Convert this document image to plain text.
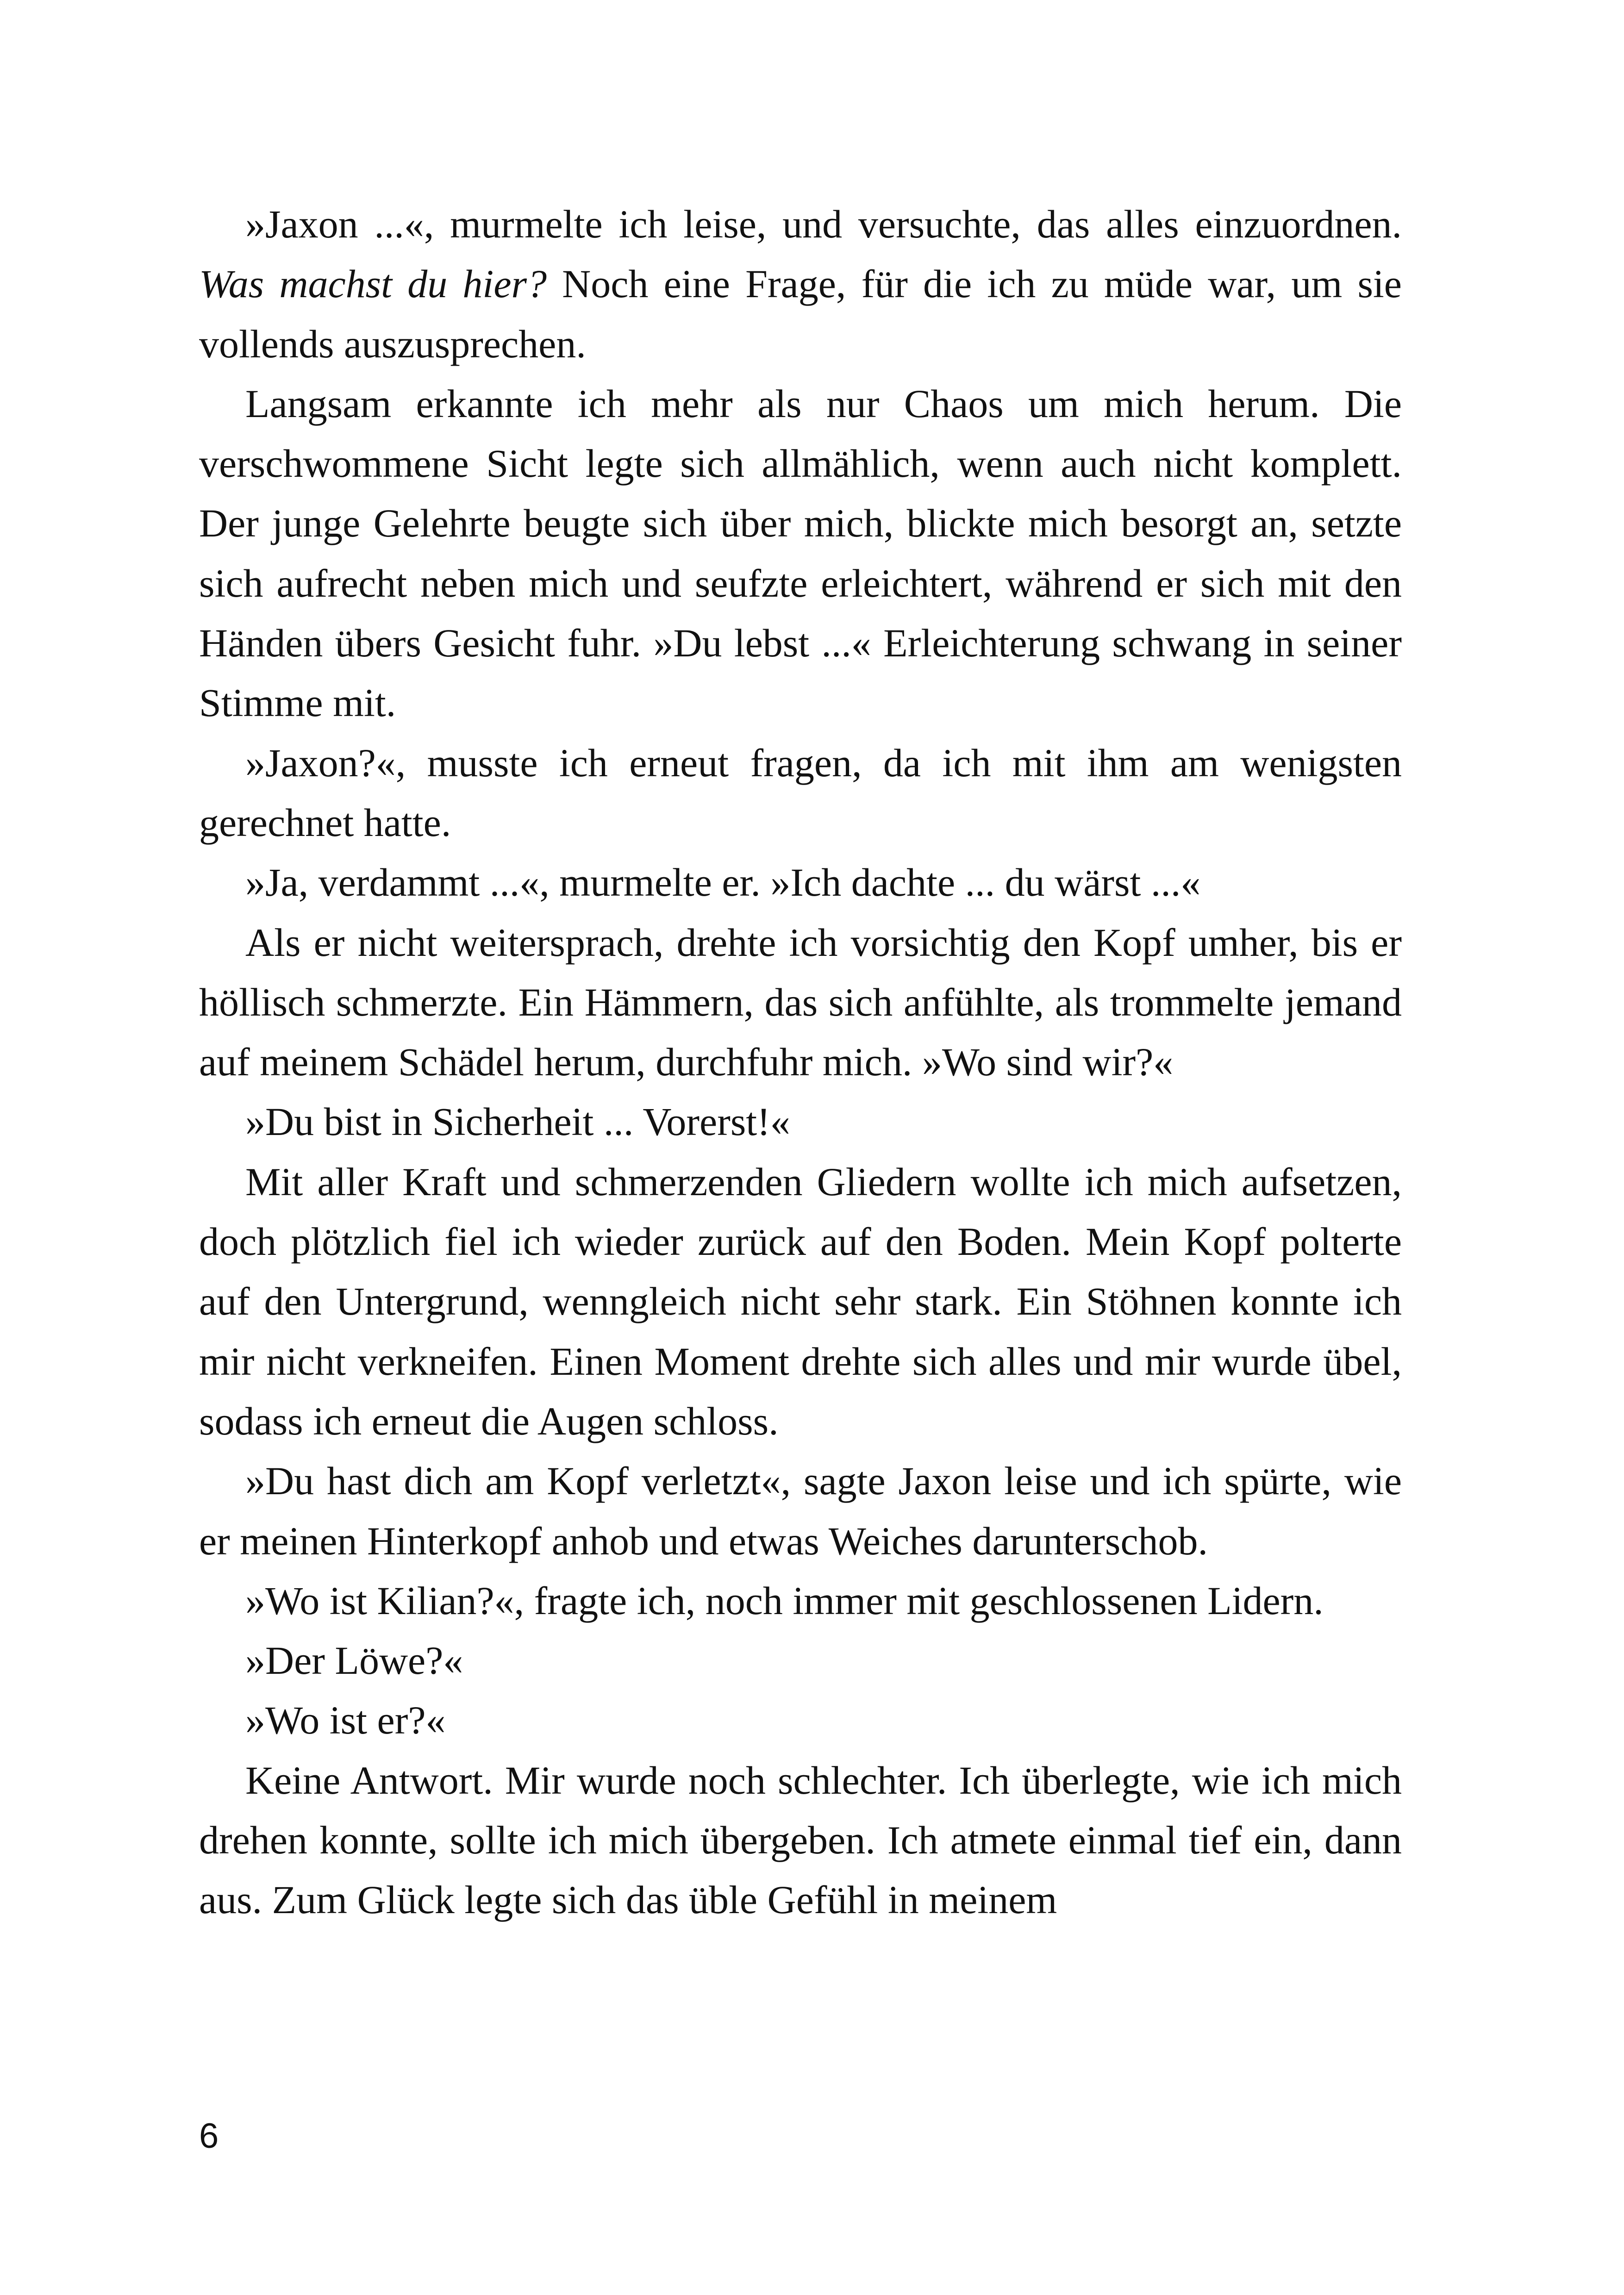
»Jaxon ...«, murmelte ich leise, und versuchte, das alles einzuordnen. Was machst du hier? Noch eine Frage, für die ich zu müde war, um sie vollends auszusprechen.

Langsam erkannte ich mehr als nur Chaos um mich herum. Die verschwommene Sicht legte sich allmählich, wenn auch nicht komplett. Der junge Gelehrte beugte sich über mich, blickte mich besorgt an, setzte sich aufrecht neben mich und seufzte erleichtert, während er sich mit den Händen übers Gesicht fuhr. »Du lebst ...« Erleichterung schwang in seiner Stimme mit.

»Jaxon?«, musste ich erneut fragen, da ich mit ihm am wenigsten gerechnet hatte.

»Ja, verdammt ...«, murmelte er. »Ich dachte ... du wärst ...«

Als er nicht weitersprach, drehte ich vorsichtig den Kopf umher, bis er höllisch schmerzte. Ein Hämmern, das sich anfühlte, als trommelte jemand auf meinem Schädel herum, durchfuhr mich. »Wo sind wir?«

»Du bist in Sicherheit ... Vorerst!«

Mit aller Kraft und schmerzenden Gliedern wollte ich mich aufsetzen, doch plötzlich fiel ich wieder zurück auf den Boden. Mein Kopf polterte auf den Untergrund, wenngleich nicht sehr stark. Ein Stöhnen konnte ich mir nicht verkneifen. Einen Moment drehte sich alles und mir wurde übel, sodass ich erneut die Augen schloss.

»Du hast dich am Kopf verletzt«, sagte Jaxon leise und ich spürte, wie er meinen Hinterkopf anhob und etwas Weiches darunterschob.

»Wo ist Kilian?«, fragte ich, noch immer mit geschlossenen Lidern.

»Der Löwe?«

»Wo ist er?«

Keine Antwort. Mir wurde noch schlechter. Ich überlegte, wie ich mich drehen konnte, sollte ich mich übergeben. Ich atmete einmal tief ein, dann aus. Zum Glück legte sich das üble Gefühl in meinem

6
